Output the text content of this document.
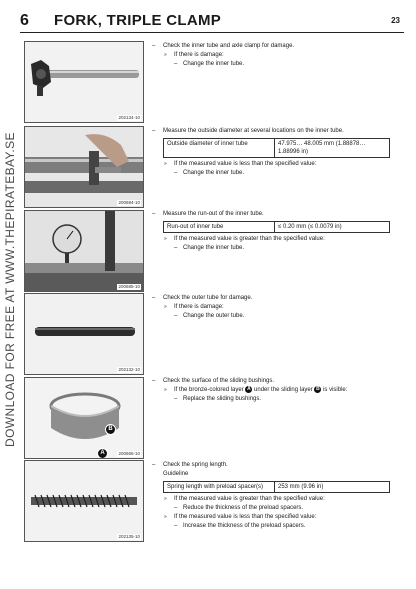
6 FORK, TRIPLE CLAMP	23
DOWNLOAD FOR FREE AT WWW.THEPIRATEBAY.SE
202134-10
– Check the inner tube and axle clamp for damage.
» If there is damage:
– Change the inner tube.
200684-10
– Measure the outside diameter at several locations on the inner tube.
Outside diameter of inner tube	47.975… 48.005 mm (1.88878…
1.88996 in)
» If the measured value is less than the specified value:
– Change the inner tube.
200685-10
– Measure the run-out of the inner tube.
Run-out of inner tube	≤ 0.20 mm (≤ 0.0079 in)
» If the measured value is greater than the specified value:
– Change the inner tube.
202132-10
– Check the outer tube for damage.
» If there is damage:
– Change the outer tube.
B
A	200665-10
– Check the surface of the sliding bushings.
» If the bronze-colored layer A under the sliding layer B is visible:
– Replace the sliding bushings.
202135-10
– Check the spring length.
Guideline
Spring length with preload spacer(s)	253 mm (9.96 in)
» If the measured value is greater than the specified value:
– Reduce the thickness of the preload spacers.
» If the measured value is less than the specified value:
– Increase the thickness of the preload spacers.
